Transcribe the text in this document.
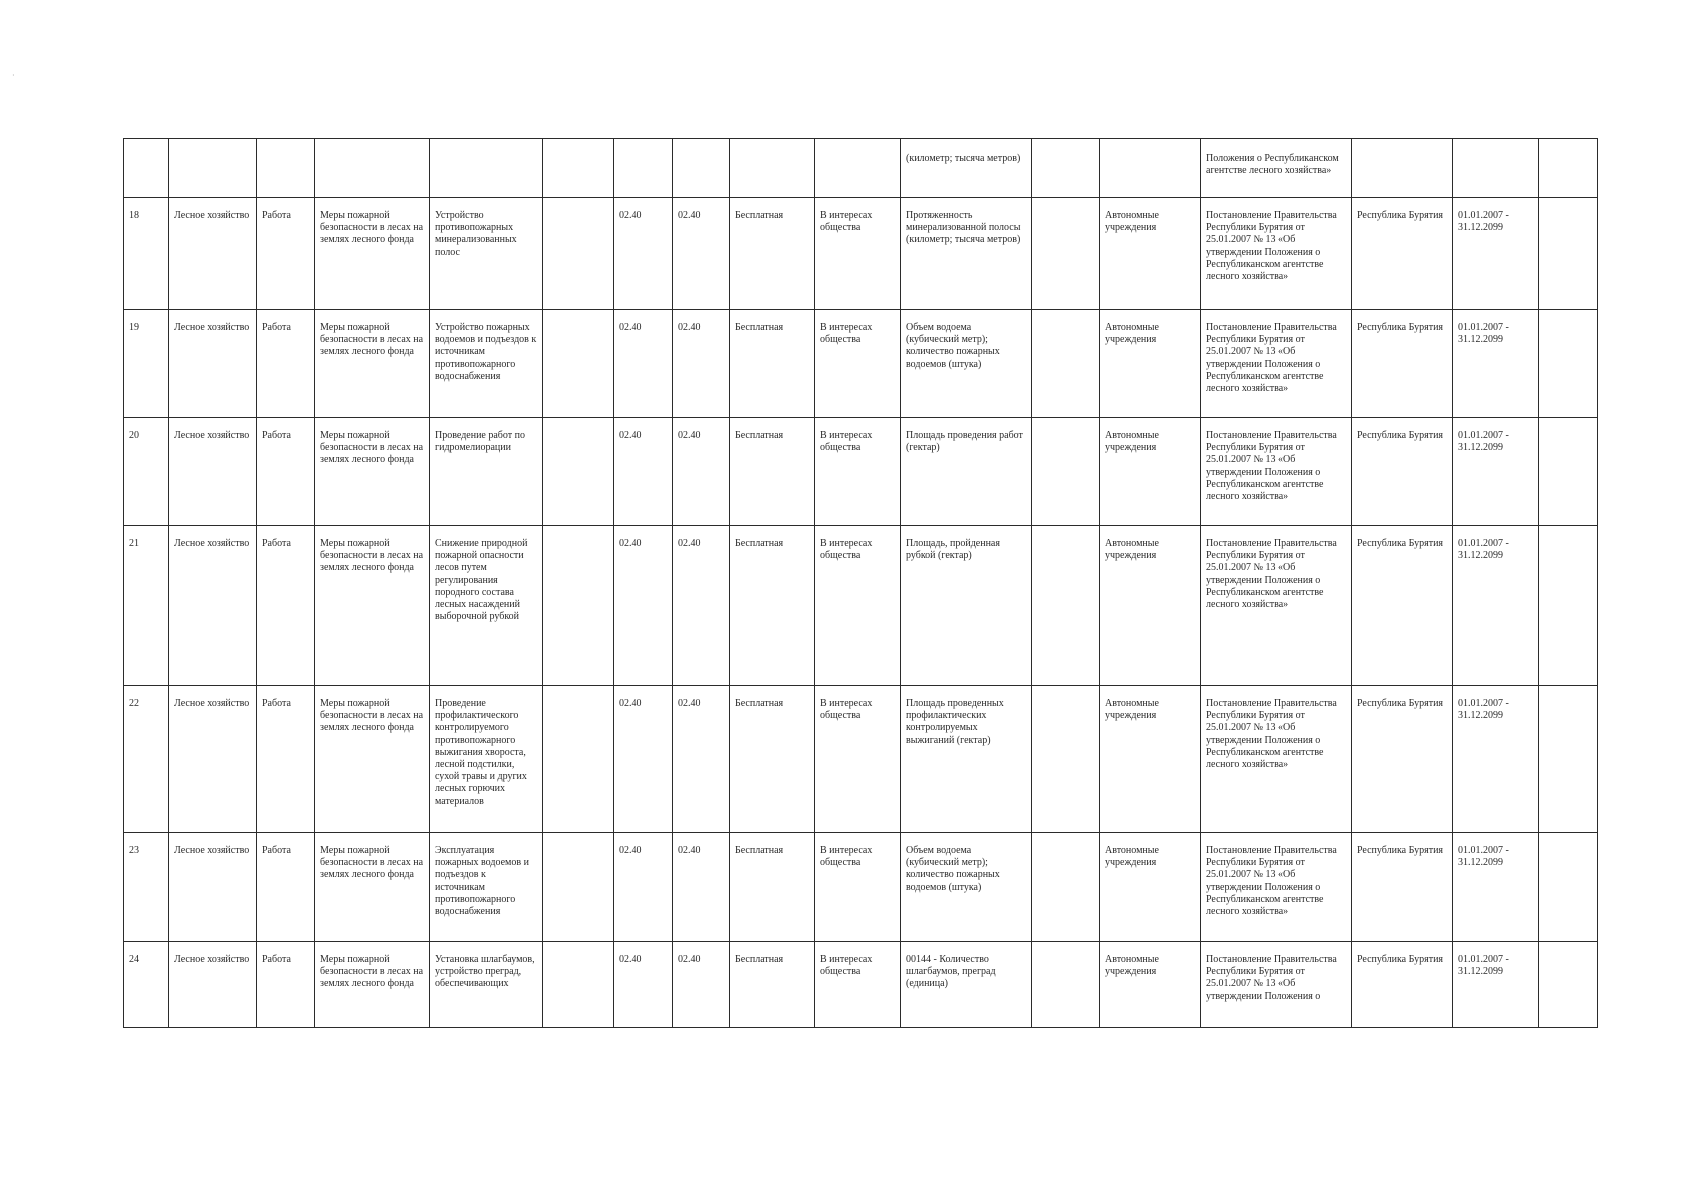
·
										(километр; тысяча метров)			Положения о Республиканском агентстве лесного хозяйства»			
18	Лесное хозяйство	Работа	Меры пожарной безопасности в лесах на землях лесного фонда	Устройство противопожарных минерализованных полос		02.40	02.40	Бесплатная	В интересах общества	Протяженность минерализованной полосы (километр; тысяча метров)		Автономные учреждения	Постановление Правительства Республики Бурятия от 25.01.2007 № 13 «Об утверждении Положения о Республиканском агентстве лесного хозяйства»	Республика Бурятия	01.01.2007 - 31.12.2099	
19	Лесное хозяйство	Работа	Меры пожарной безопасности в лесах на землях лесного фонда	Устройство пожарных водоемов и подъездов к источникам противопожарного водоснабжения		02.40	02.40	Бесплатная	В интересах общества	Объем водоема (кубический метр); количество пожарных водоемов (штука)		Автономные учреждения	Постановление Правительства Республики Бурятия от 25.01.2007 № 13 «Об утверждении Положения о Республиканском агентстве лесного хозяйства»	Республика Бурятия	01.01.2007 - 31.12.2099	
20	Лесное хозяйство	Работа	Меры пожарной безопасности в лесах на землях лесного фонда	Проведение работ по гидромелиорации		02.40	02.40	Бесплатная	В интересах общества	Площадь проведения работ (гектар)		Автономные учреждения	Постановление Правительства Республики Бурятия от 25.01.2007 № 13 «Об утверждении Положения о Республиканском агентстве лесного хозяйства»	Республика Бурятия	01.01.2007 - 31.12.2099	
21	Лесное хозяйство	Работа	Меры пожарной безопасности в лесах на землях лесного фонда	Снижение природной пожарной опасности лесов путем регулирования породного состава лесных насаждений выборочной рубкой		02.40	02.40	Бесплатная	В интересах общества	Площадь, пройденная рубкой (гектар)		Автономные учреждения	Постановление Правительства Республики Бурятия от 25.01.2007 № 13 «Об утверждении Положения о Республиканском агентстве лесного хозяйства»	Республика Бурятия	01.01.2007 - 31.12.2099	
22	Лесное хозяйство	Работа	Меры пожарной безопасности в лесах на землях лесного фонда	Проведение профилактического контролируемого противопожарного выжигания хвороста, лесной подстилки, сухой травы и других лесных горючих материалов		02.40	02.40	Бесплатная	В интересах общества	Площадь проведенных профилактических контролируемых выжиганий (гектар)		Автономные учреждения	Постановление Правительства Республики Бурятия от 25.01.2007 № 13 «Об утверждении Положения о Республиканском агентстве лесного хозяйства»	Республика Бурятия	01.01.2007 - 31.12.2099	
23	Лесное хозяйство	Работа	Меры пожарной безопасности в лесах на землях лесного фонда	Эксплуатация пожарных водоемов и подъездов к источникам противопожарного водоснабжения		02.40	02.40	Бесплатная	В интересах общества	Объем водоема (кубический метр); количество пожарных водоемов (штука)		Автономные учреждения	Постановление Правительства Республики Бурятия от 25.01.2007 № 13 «Об утверждении Положения о Республиканском агентстве лесного хозяйства»	Республика Бурятия	01.01.2007 - 31.12.2099	
24	Лесное хозяйство	Работа	Меры пожарной безопасности в лесах на землях лесного фонда	Установка шлагбаумов, устройство преград, обеспечивающих		02.40	02.40	Бесплатная	В интересах общества	00144 - Количество шлагбаумов, преград (единица)		Автономные учреждения	Постановление Правительства Республики Бурятия от 25.01.2007 № 13 «Об утверждении Положения о	Республика Бурятия	01.01.2007 - 31.12.2099	
